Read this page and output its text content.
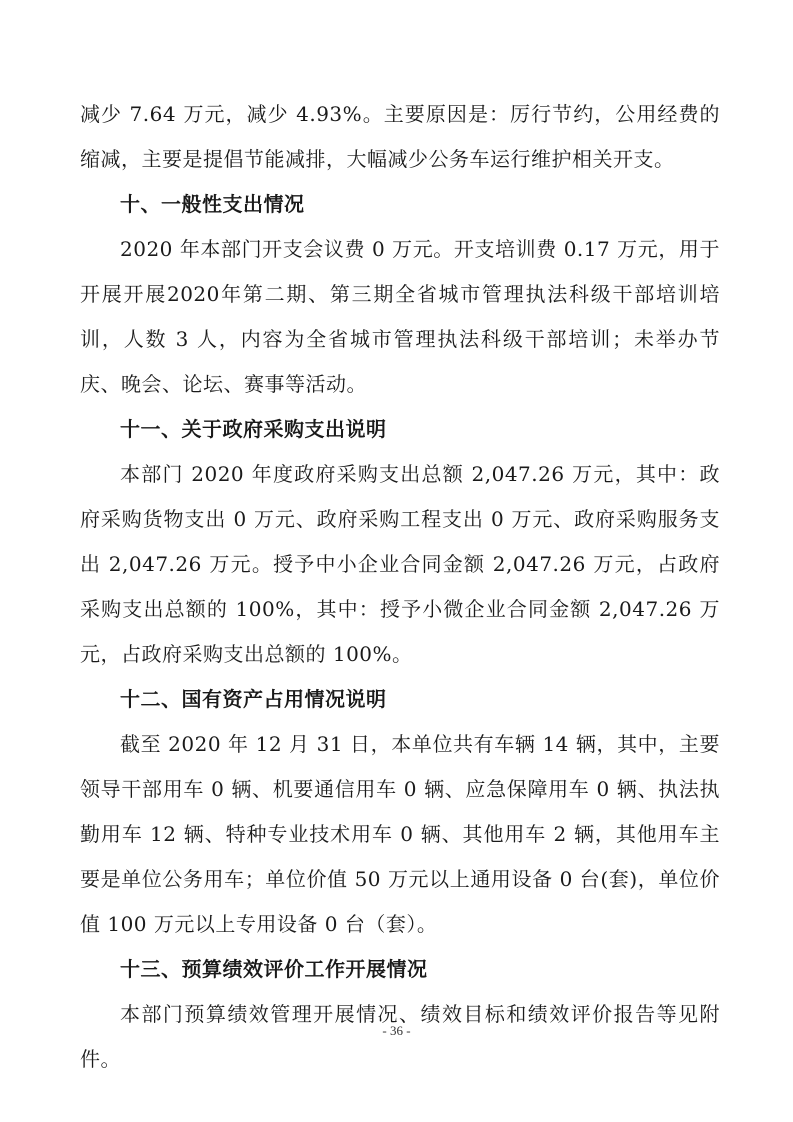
减少 7.64 万元，减少 4.93%。主要原因是：厉行节约，公用经费的缩减，主要是提倡节能减排，大幅减少公务车运行维护相关开支。

十、一般性支出情况

2020 年本部门开支会议费 0 万元。开支培训费 0.17 万元，用于开展开展2020年第二期、第三期全省城市管理执法科级干部培训培训，人数 3 人，内容为全省城市管理执法科级干部培训；未举办节庆、晚会、论坛、赛事等活动。

十一、关于政府采购支出说明

本部门 2020 年度政府采购支出总额 2,047.26 万元，其中：政府采购货物支出 0 万元、政府采购工程支出 0 万元、政府采购服务支出 2,047.26 万元。授予中小企业合同金额 2,047.26 万元，占政府采购支出总额的 100%，其中：授予小微企业合同金额 2,047.26 万元，占政府采购支出总额的 100%。

十二、国有资产占用情况说明

截至 2020 年 12 月 31 日，本单位共有车辆 14 辆，其中，主要领导干部用车 0 辆、机要通信用车 0 辆、应急保障用车 0 辆、执法执勤用车 12 辆、特种专业技术用车 0 辆、其他用车 2 辆，其他用车主要是单位公务用车；单位价值 50 万元以上通用设备 0 台(套)，单位价值 100 万元以上专用设备 0 台（套）。

十三、预算绩效评价工作开展情况

本部门预算绩效管理开展情况、绩效目标和绩效评价报告等见附件。

- 36 -
